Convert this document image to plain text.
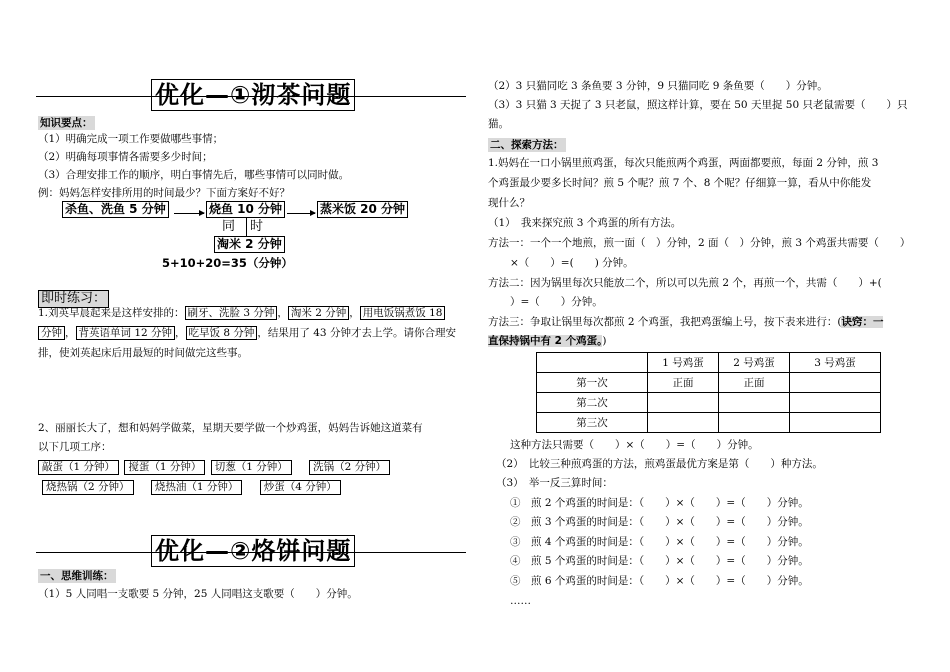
优化—①沏茶问题
知识要点：
（1）明确完成一项工作要做哪些事情；
（2）明确每项事情各需要多少时间；
（3）合理安排工作的顺序，明白事情先后，哪些事情可以同时做。
例：妈妈怎样安排所用的时间最少？下面方案好不好？
杀鱼、洗鱼 5 分钟	烧鱼 10 分钟	蒸米饭 20 分钟
同 时
淘米 2 分钟
5+10+20=35（分钟）
即时练习：
1.刘英早晨起来是这样安排的： 刷牙、洗脸 3 分钟 ， 淘米 2 分钟 ， 用电饭锅煮饭 18
分钟 ， 背英语单词 12 分钟 ， 吃早饭 8 分钟 ，结果用了 43 分钟才去上学。请你合理安
排，使刘英起床后用最短的时间做完这些事。
2、丽丽长大了，想和妈妈学做菜，星期天要学做一个炒鸡蛋，妈妈告诉她这道菜有
以下几项工序：
敲蛋（1 分钟） 搅蛋（1 分钟） 切葱（1 分钟） 洗锅（2 分钟）
烧热锅（2 分钟） 烧热油（1 分钟） 炒蛋（4 分钟）
优化—②烙饼问题
一、思维训练：
（1）5 人同唱一支歌要 5 分钟，25 人同唱这支歌要（　　）分钟。
（2）3 只猫同吃 3 条鱼要 3 分钟，9 只猫同吃 9 条鱼要（　　）分钟。
（3）3 只猫 3 天捉了 3 只老鼠，照这样计算，要在 50 天里捉 50 只老鼠需要（　　）只
猫。
二、探索方法：
1.妈妈在一口小锅里煎鸡蛋，每次只能煎两个鸡蛋，两面都要煎，每面 2 分钟，煎 3
个鸡蛋最少要多长时间？煎 5 个呢？煎 7 个、8 个呢？仔细算一算，看从中你能发
现什么？
（1）　我来探究煎 3 个鸡蛋的所有方法。
方法一：一个一个地煎，煎一面（　）分钟，2 面（　）分钟，煎 3 个鸡蛋共需要（　　）
×（　　）=(　　) 分钟。
方法二：因为锅里每次只能放二个，所以可以先煎 2 个，再煎一个，共需（　　）+(　
）=（　　）分钟。
方法三：争取让锅里每次都煎 2 个鸡蛋，我把鸡蛋编上号，按下表来进行：(诀窍：一
直保持锅中有 2 个鸡蛋。)
	1 号鸡蛋	2 号鸡蛋	3 号鸡蛋
第一次	正面	正面	
第二次			
第三次			
这种方法只需要（　　）×（　　）=（　　）分钟。
（2）　比较三种煎鸡蛋的方法，煎鸡蛋最优方案是第（　　）种方法。
（3）　举一反三算时间：
①　煎 2 个鸡蛋的时间是：（　　）×（　　）=（　　）分钟。
②　煎 3 个鸡蛋的时间是：（　　）×（　　）=（　　）分钟。
③　煎 4 个鸡蛋的时间是：（　　）×（　　）=（　　）分钟。
④　煎 5 个鸡蛋的时间是：（　　）×（　　）=（　　）分钟。
⑤　煎 6 个鸡蛋的时间是：（　　）×（　　）=（　　）分钟。
……
